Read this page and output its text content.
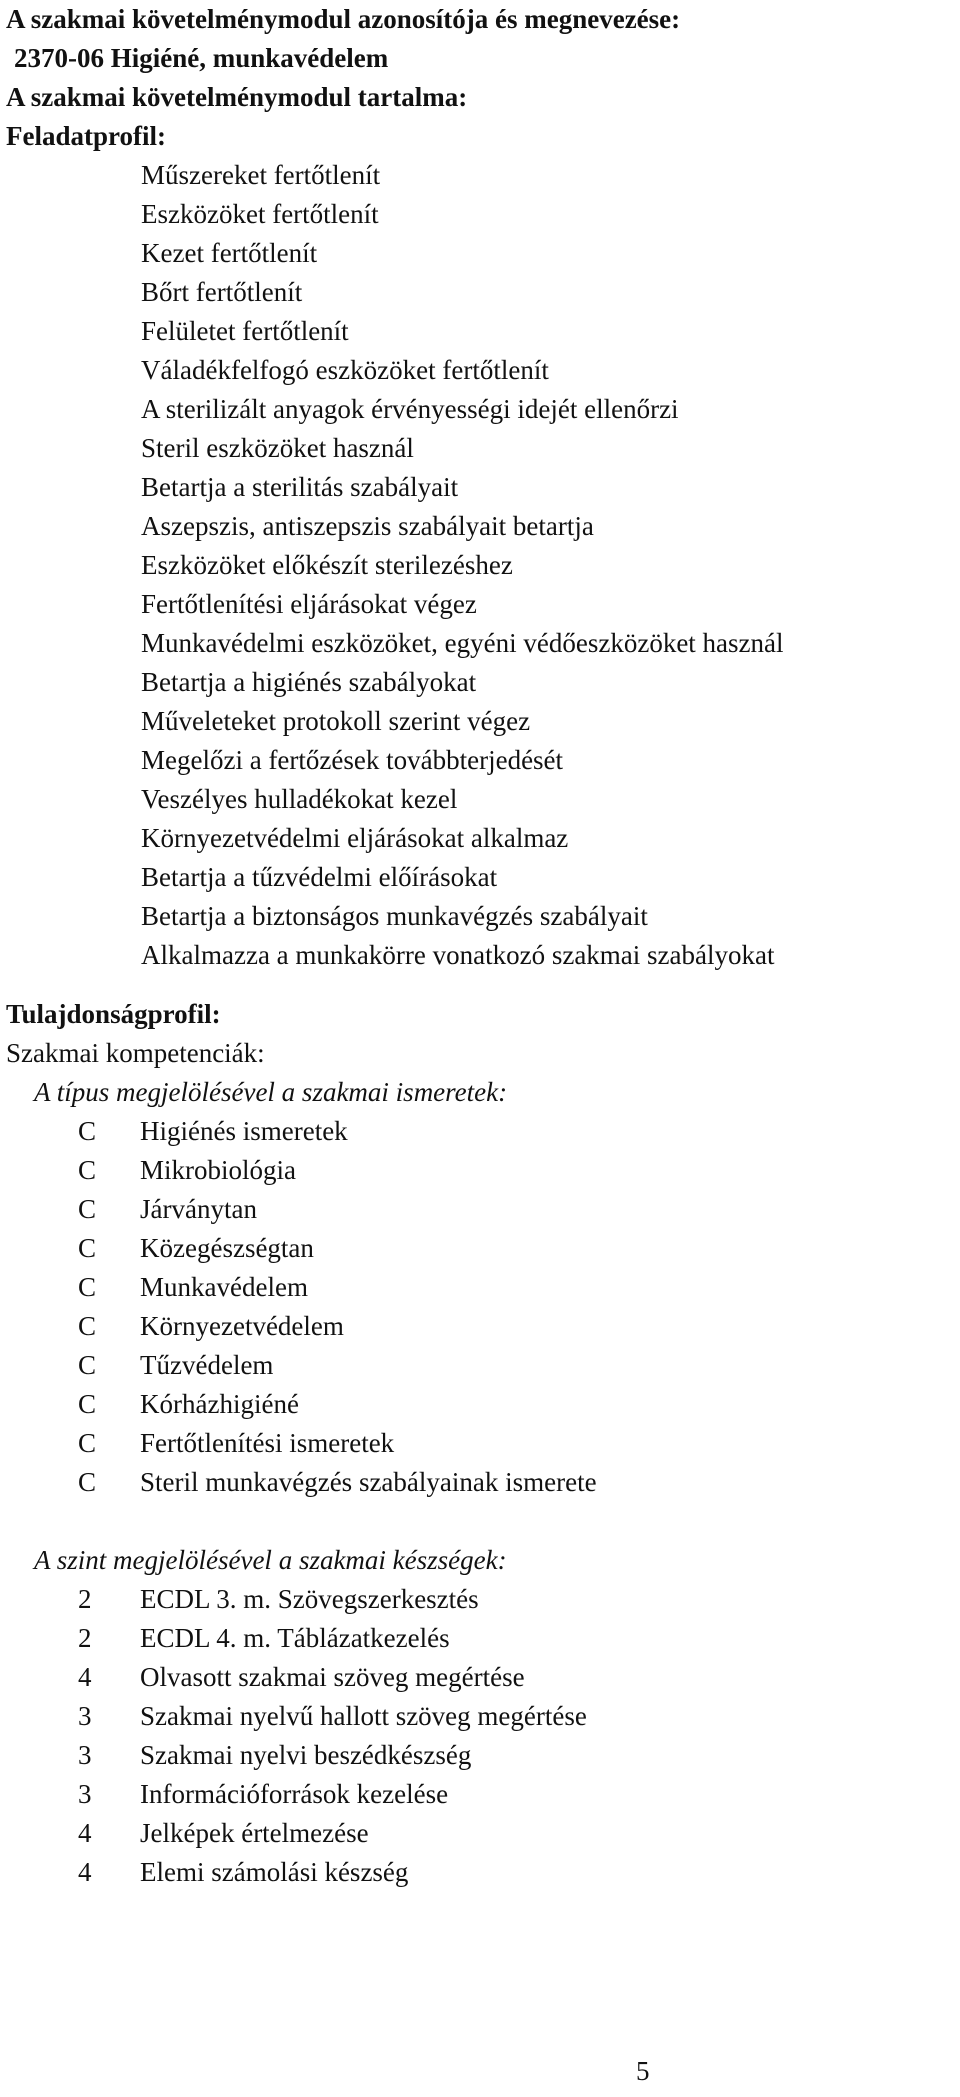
A szakmai követelménymodul azonosítója és megnevezése:

2370-06 Higiéné, munkavédelem

A szakmai követelménymodul tartalma:

Feladatprofil:

Műszereket fertőtlenít
Eszközöket fertőtlenít
Kezet fertőtlenít
Bőrt fertőtlenít
Felületet fertőtlenít
Váladékfelfogó eszközöket fertőtlenít
A sterilizált anyagok érvényességi idejét ellenőrzi
Steril eszközöket használ
Betartja a sterilitás szabályait
Aszepszis, antiszepszis szabályait betartja
Eszközöket előkészít sterilezéshez
Fertőtlenítési eljárásokat végez
Munkavédelmi eszközöket, egyéni védőeszközöket használ
Betartja a higiénés szabályokat
Műveleteket protokoll szerint végez
Megelőzi a fertőzések továbbterjedését
Veszélyes hulladékokat kezel
Környezetvédelmi eljárásokat alkalmaz
Betartja a tűzvédelmi előírásokat
Betartja a biztonságos munkavégzés szabályait
Alkalmazza a munkakörre vonatkozó szakmai szabályokat

Tulajdonságprofil:

Szakmai kompetenciák:

A típus megjelölésével a szakmai ismeretek:

C	Higiénés ismeretek
C	Mikrobiológia
C	Járványtan
C	Közegészségtan
C	Munkavédelem
C	Környezetvédelem
C	Tűzvédelem
C	Kórházhigiéné
C	Fertőtlenítési ismeretek
C	Steril munkavégzés szabályainak ismerete

A szint megjelölésével a szakmai készségek:

2	ECDL 3. m. Szövegszerkesztés
2	ECDL 4. m. Táblázatkezelés
4	Olvasott szakmai szöveg megértése
3	Szakmai nyelvű hallott szöveg megértése
3	Szakmai nyelvi beszédkészség
3	Információforrások kezelése
4	Jelképek értelmezése
4	Elemi számolási készség
5
